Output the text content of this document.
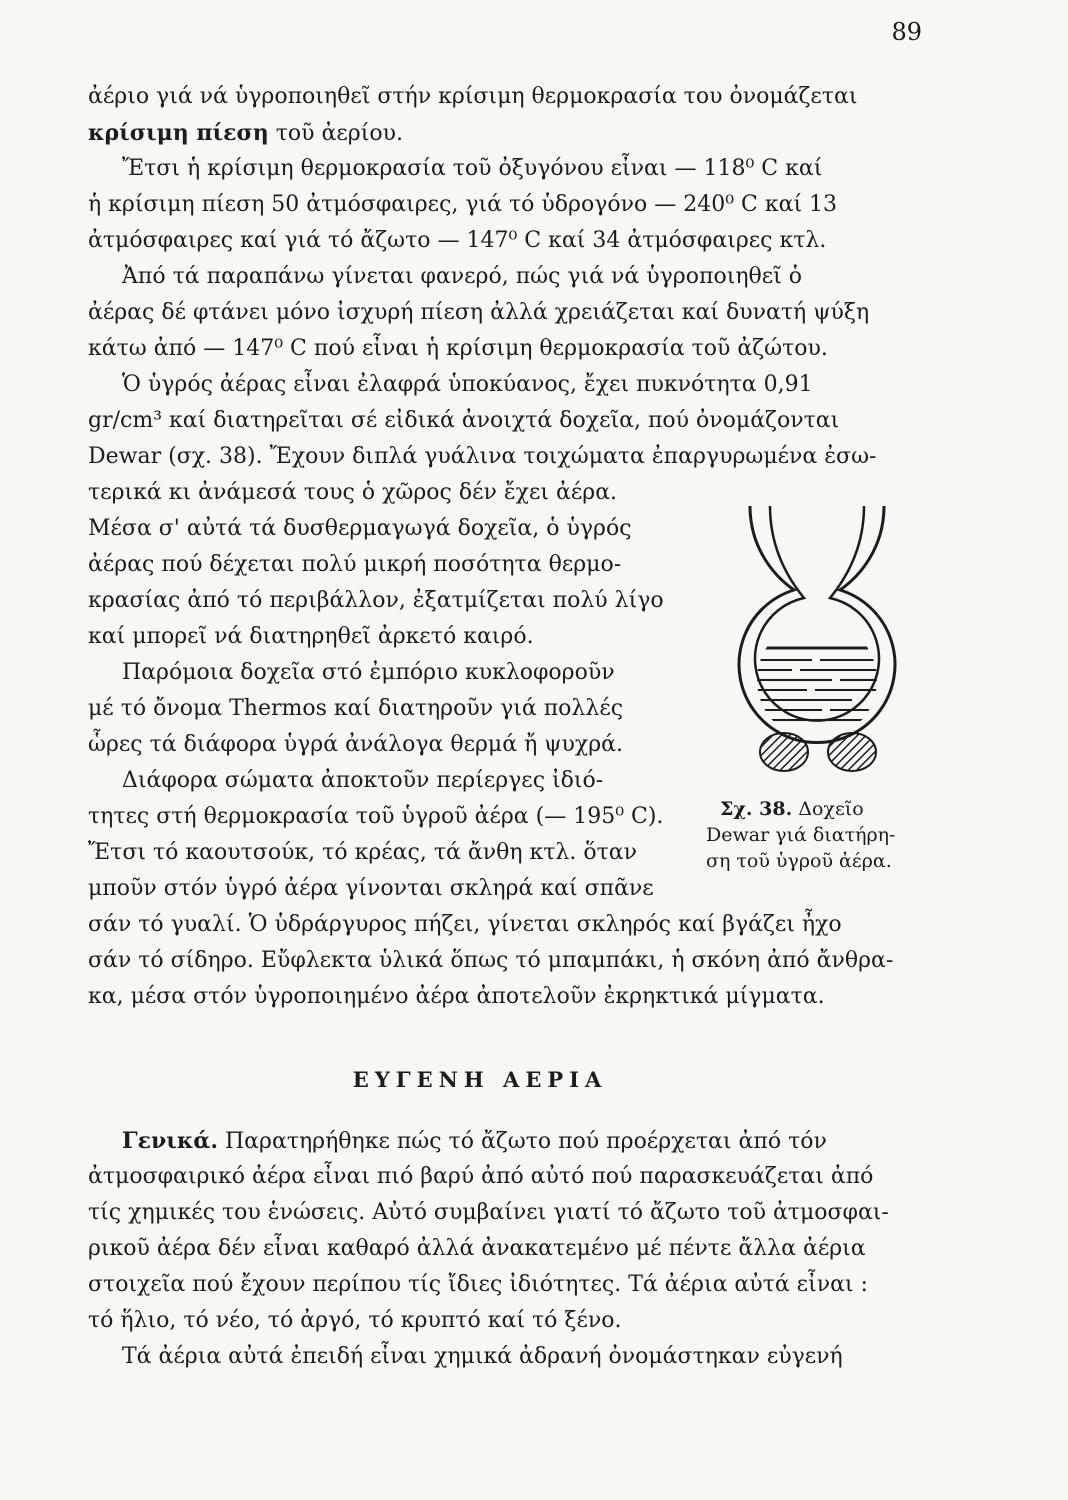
89

ἀέριο γιά νά ὑγροποιηθεῖ στήν κρίσιμη θερμοκρασία του ὀνομάζεται

κρίσιμη πίεση τοῦ ἀερίου.

Ἔτσι ἡ κρίσιμη θερμοκρασία τοῦ ὀξυγόνου εἶναι — 118⁰ C καί

ἡ κρίσιμη πίεση 50 ἀτμόσφαιρες, γιά τό ὑδρογόνο — 240⁰ C καί 13

ἀτμόσφαιρες καί γιά τό ἄζωτο — 147⁰ C καί 34 ἀτμόσφαιρες κτλ.

Ἀπό τά παραπάνω γίνεται φανερό, πώς γιά νά ὑγροποιηθεῖ ὁ

ἀέρας δέ φτάνει μόνο ἰσχυρή πίεση ἀλλά χρειάζεται καί δυνατή ψύξη

κάτω ἀπό — 147⁰ C πού εἶναι ἡ κρίσιμη θερμοκρασία τοῦ ἀζώτου.

Ὁ ὑγρός ἀέρας εἶναι ἐλαφρά ὑποκύανος, ἔχει πυκνότητα 0,91

gr/cm³ καί διατηρεῖται σέ εἰδικά ἀνοιχτά δοχεῖα, πού ὀνομάζονται

Dewar (σχ. 38). Ἔχουν διπλά γυάλινα τοιχώματα ἐπαργυρωμένα ἐσω-

τερικά κι ἀνάμεσά τους ὁ χῶρος δέν ἔχει ἀέρα.

Μέσα σ' αὐτά τά δυσθερμαγωγά δοχεῖα, ὁ ὑγρός

ἀέρας πού δέχεται πολύ μικρή ποσότητα θερμο-

κρασίας ἀπό τό περιβάλλον, ἐξατμίζεται πολύ λίγο

καί μπορεῖ νά διατηρηθεῖ ἀρκετό καιρό.

Παρόμοια δοχεῖα στό ἐμπόριο κυκλοφοροῦν

μέ τό ὄνομα Thermos καί διατηροῦν γιά πολλές

ὧρες τά διάφορα ὑγρά ἀνάλογα θερμά ἤ ψυχρά.

Διάφορα σώματα ἀποκτοῦν περίεργες ἰδιό-

τητες στή θερμοκρασία τοῦ ὑγροῦ ἀέρα (— 195⁰ C).

Ἔτσι τό καουτσούκ, τό κρέας, τά ἄνθη κτλ. ὅταν

μποῦν στόν ὑγρό ἀέρα γίνονται σκληρά καί σπᾶνε

Σχ. 38. Δοχεῖο
Dewar γιά διατήρη-
ση τοῦ ὑγροῦ ἀέρα.

σάν τό γυαλί. Ὁ ὑδράργυρος πήζει, γίνεται σκληρός καί βγάζει ἦχο

σάν τό σίδηρο. Εὔφλεκτα ὑλικά ὅπως τό μπαμπάκι, ἡ σκόνη ἀπό ἄνθρα-

κα, μέσα στόν ὑγροποιημένο ἀέρα ἀποτελοῦν ἐκρηκτικά μίγματα.

ΕΥΓΕΝΗ ΑΕΡΙΑ

Γενικά. Παρατηρήθηκε πώς τό ἄζωτο πού προέρχεται ἀπό τόν

ἀτμοσφαιρικό ἀέρα εἶναι πιό βαρύ ἀπό αὐτό πού παρασκευάζεται ἀπό

τίς χημικές του ἑνώσεις. Αὐτό συμβαίνει γιατί τό ἄζωτο τοῦ ἀτμοσφαι-

ρικοῦ ἀέρα δέν εἶναι καθαρό ἀλλά ἀνακατεμένο μέ πέντε ἄλλα ἀέρια

στοιχεῖα πού ἔχουν περίπου τίς ἴδιες ἰδιότητες. Τά ἀέρια αὐτά εἶναι :

τό ἥλιο, τό νέο, τό ἀργό, τό κρυπτό καί τό ξένο.

Τά ἀέρια αὐτά ἐπειδή εἶναι χημικά ἀδρανή ὀνομάστηκαν εὐγενή
